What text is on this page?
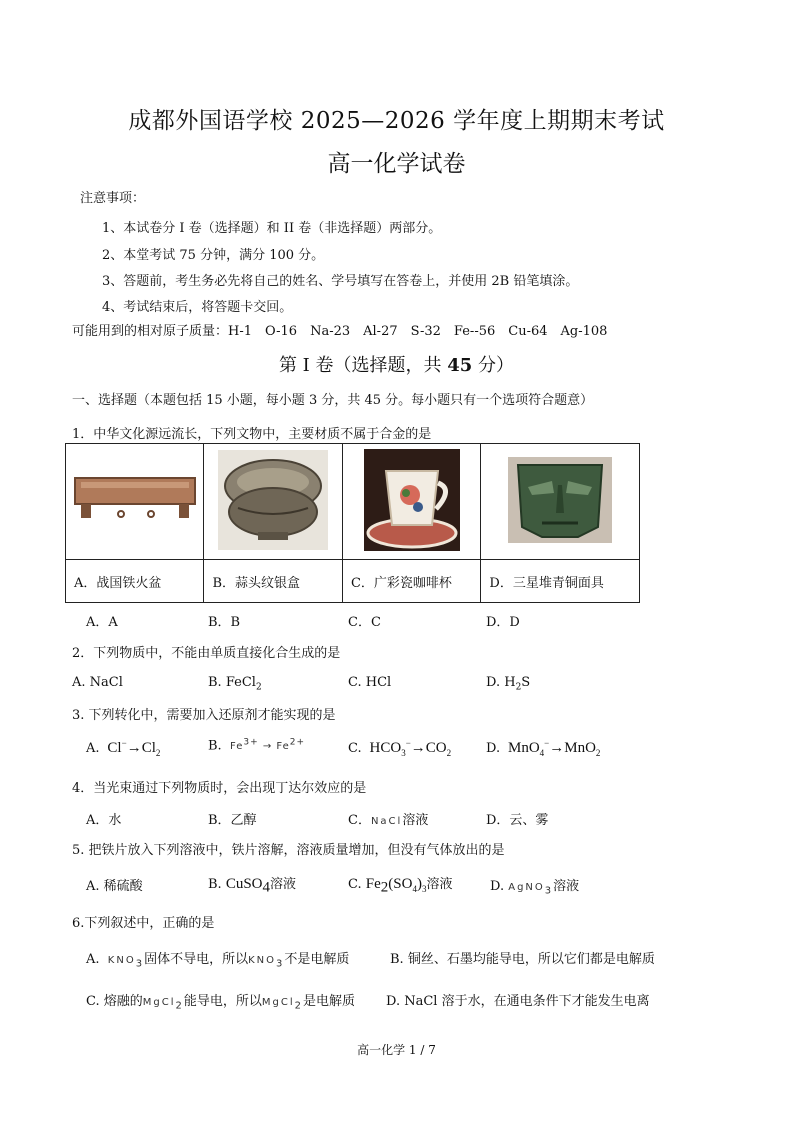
成都外国语学校 2025—2026 学年度上期期末考试
高一化学试卷
注意事项：
1、本试卷分 I 卷（选择题）和 II 卷（非选择题）两部分。
2、本堂考试 75 分钟，满分 100 分。
3、答题前，考生务必先将自己的姓名、学号填写在答卷上，并使用 2B 铅笔填涂。
4、考试结束后，将答题卡交回。
可能用到的相对原子质量：H-1　O-16　Na-23　Al-27　S-32　Fe--56　Cu-64　Ag-108
第 I 卷（选择题，共 45 分）
一、选择题（本题包括 15 小题，每小题 3 分，共 45 分。每小题只有一个选项符合题意）
1．中华文化源远流长，下列文物中，主要材质不属于合金的是

A．战国铁火盆	B．蒜头纹银盒	C．广彩瓷咖啡杯	D．三星堆青铜面具
A．A	B．B	C．C	D．D
2．下列物质中，不能由单质直接化合生成的是
A. NaCl	B. FeCl$_2$	C. HCl	D. $H_2S$
3. 下列转化中，需要加入还原剂才能实现的是
A. $Cl^-\to Cl_2$	B. $Fe^{3+} \to Fe^{2+}$	C. $HCO_3^-\to CO_2$	D. MnO$_4$−→MnO$_2$
4．当光束通过下列物质时，会出现丁达尔效应的是
A．水	B．乙醇	C．NaCl溶液	D．云、雾
5. 把铁片放入下列溶液中，铁片溶解，溶液质量增加，但没有气体放出的是
A. 稀硫酸	B. CuSO$_4$溶液	C. $Fe_2(SO_4)_3$溶液	D. AgNO$_3$溶液
6.下列叙述中，正确的是
A. $KNO_3$固体不导电，所以$KNO_3$不是电解质	B. 铜丝、石墨均能导电，所以它们都是电解质
C. 熔融的MgCl$_2$能导电，所以MgCl$_2$是电解质 D. NaCl 溶于水，在通电条件下才能发生电离
高一化学 1 / 7
